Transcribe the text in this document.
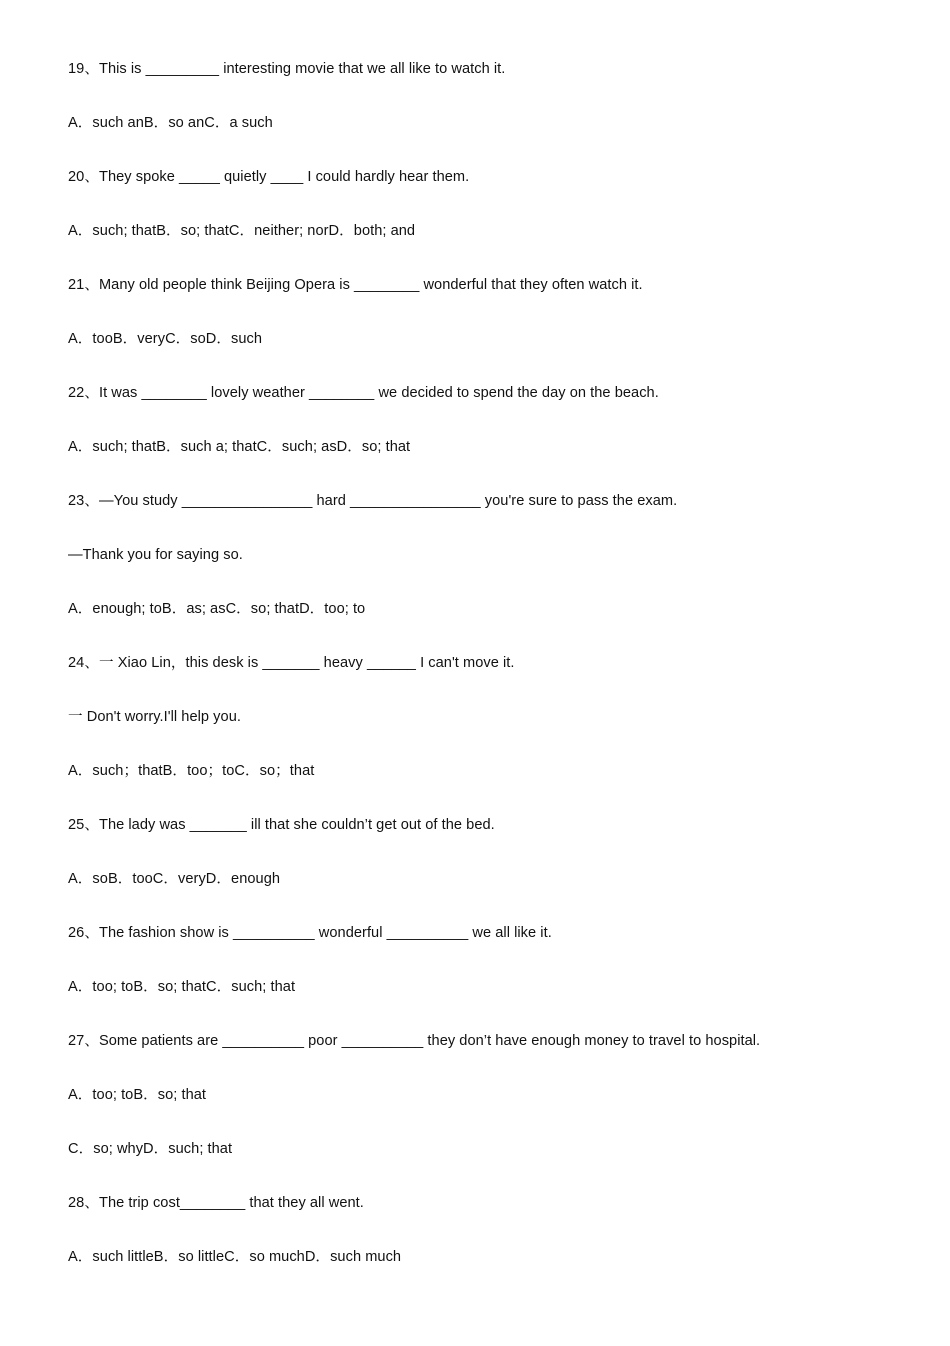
19、This is _________ interesting movie that we all like to watch it.
A．such anB．so anC．a such
20、They spoke _____ quietly ____ I could hardly hear them.
A．such; thatB．so; thatC．neither; norD．both; and
21、Many old people think Beijing Opera is ________ wonderful that they often watch it.
A．tooB．veryC．soD．such
22、It was ________ lovely weather ________ we decided to spend the day on the beach.
A．such; thatB．such a; thatC．such; asD．so; that
23、—You study ________________ hard ________________ you're sure to pass the exam.
—Thank you for saying so.
A．enough; toB．as; asC．so; thatD．too; to
24、一 Xiao Lin，this desk is _______ heavy ______ I can't move it.
一 Don't worry.I'll help you.
A．such；thatB．too；toC．so；that
25、The lady was _______ ill that she couldn’t get out of the bed.
A．soB．tooC．veryD．enough
26、The fashion show is __________ wonderful __________ we all like it.
A．too; toB．so; thatC．such; that
27、Some patients are __________ poor __________ they don’t have enough money to travel to hospital.
A．too; toB．so; that
C．so; whyD．such; that
28、The trip cost________ that they all went.
A．such littleB．so littleC．so muchD．such much
